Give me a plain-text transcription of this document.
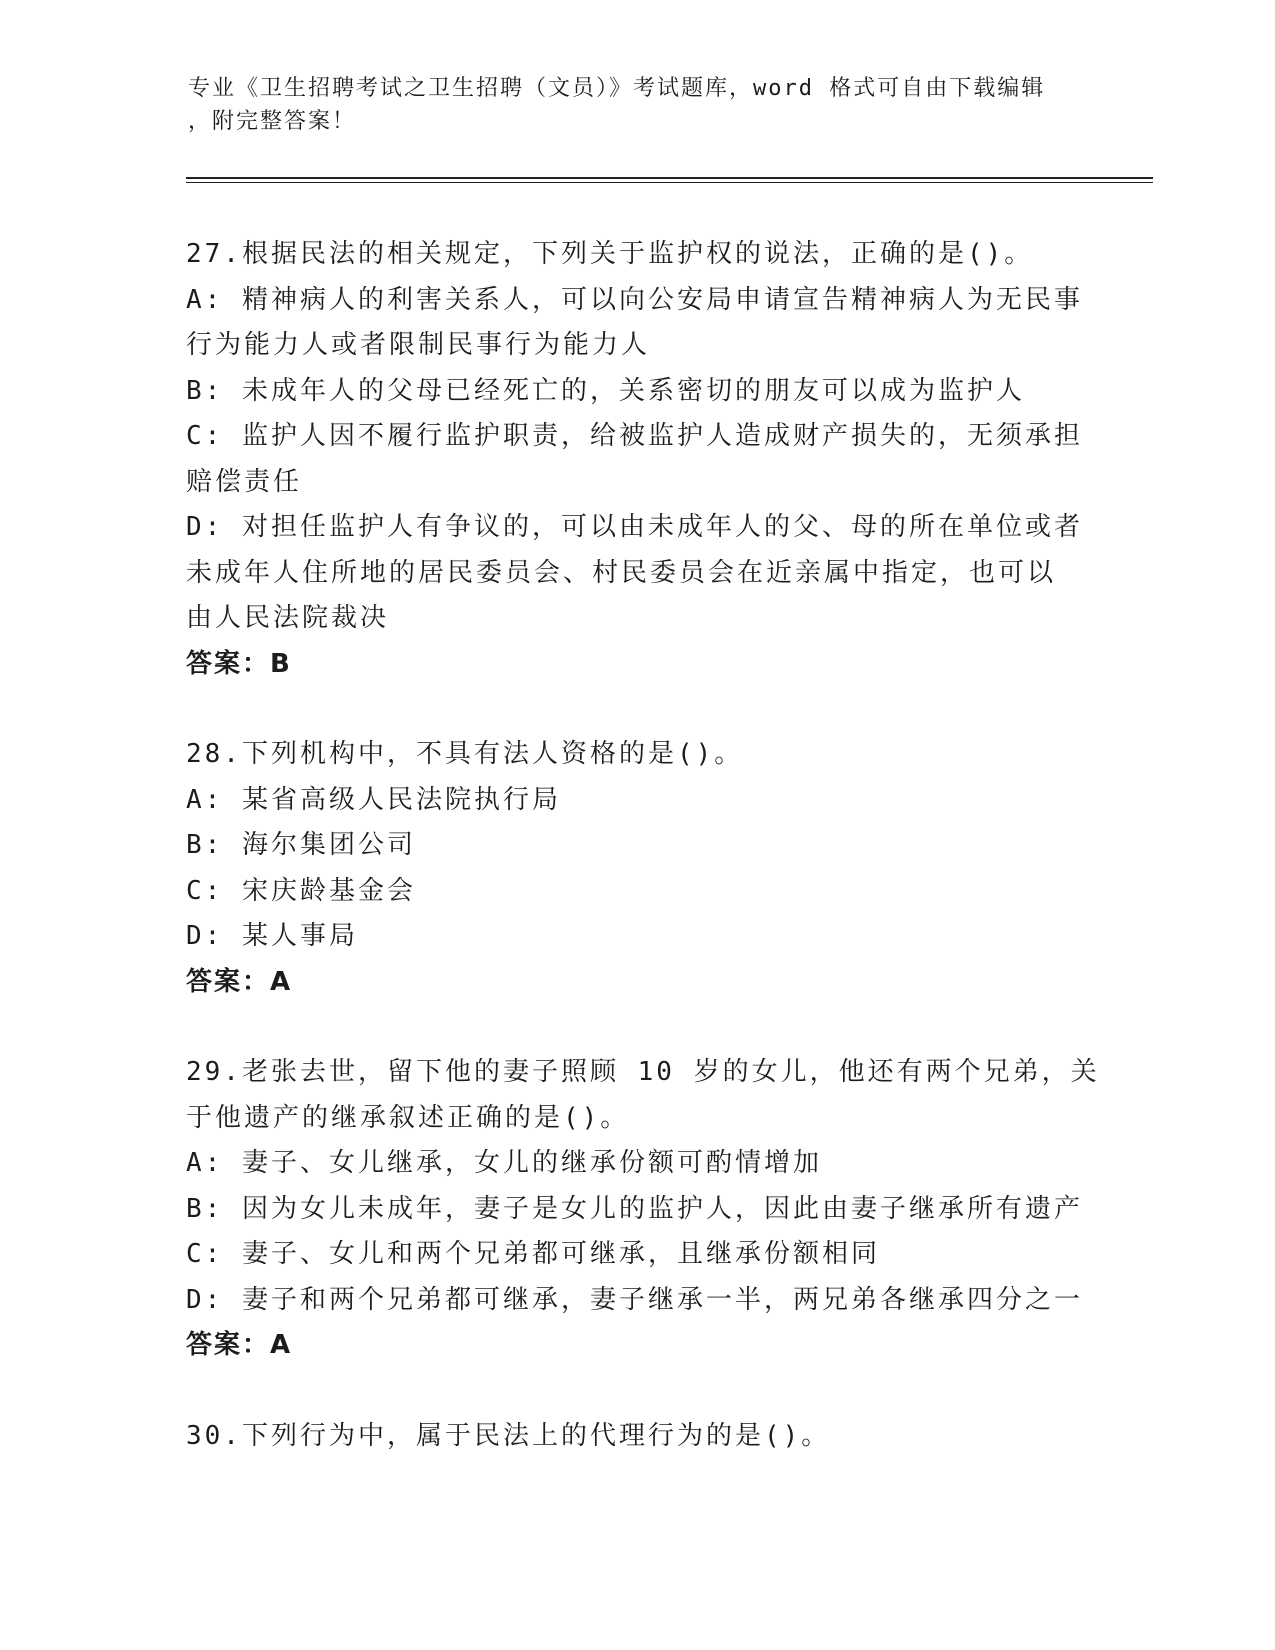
专业《卫生招聘考试之卫生招聘（文员）》考试题库，word 格式可自由下载编辑
，附完整答案！
27.根据民法的相关规定，下列关于监护权的说法，正确的是()。
A: 精神病人的利害关系人，可以向公安局申请宣告精神病人为无民事
行为能力人或者限制民事行为能力人
B: 未成年人的父母已经死亡的，关系密切的朋友可以成为监护人
C: 监护人因不履行监护职责，给被监护人造成财产损失的，无须承担
赔偿责任
D: 对担任监护人有争议的，可以由未成年人的父、母的所在单位或者
未成年人住所地的居民委员会、村民委员会在近亲属中指定，也可以
由人民法院裁决
答案：B
28.下列机构中，不具有法人资格的是()。
A: 某省高级人民法院执行局
B: 海尔集团公司
C: 宋庆龄基金会
D: 某人事局
答案：A
29.老张去世，留下他的妻子照顾 10 岁的女儿，他还有两个兄弟，关
于他遗产的继承叙述正确的是()。
A: 妻子、女儿继承，女儿的继承份额可酌情增加
B: 因为女儿未成年，妻子是女儿的监护人，因此由妻子继承所有遗产
C: 妻子、女儿和两个兄弟都可继承，且继承份额相同
D: 妻子和两个兄弟都可继承，妻子继承一半，两兄弟各继承四分之一
答案：A
30.下列行为中，属于民法上的代理行为的是()。
